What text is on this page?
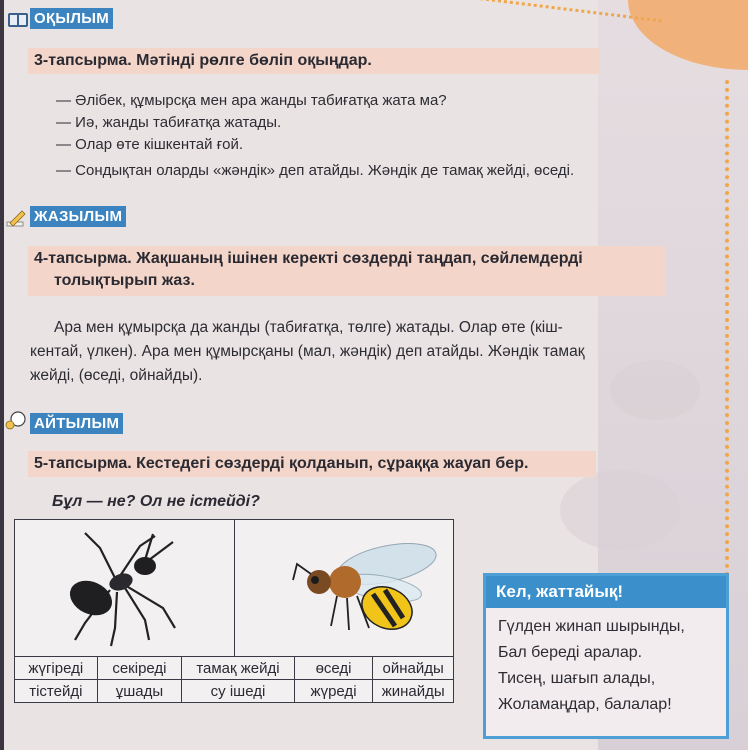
ОҚЫЛЫМ
3-тапсырма. Мәтінді рөлге бөліп оқыңдар.
— Әлібек, құмырсқа мен ара жанды табиғатқа жата ма?
— Иә, жанды табиғатқа жатады.
— Олар өте кішкентай ғой.
— Сондықтан оларды «жәндік» деп атайды. Жәндік де тамақ жейді, өседі.
ЖАЗЫЛЫМ
4-тапсырма. Жақшаның ішінен керекті сөздерді таңдап, сөйлемдерді
толықтырып жаз.
Ара мен құмырсқа да жанды (табиғатқа, төлге) жатады. Олар өте (кіш-
кентай, үлкен). Ара мен құмырсқаны (мал, жәндік) деп атайды. Жәндік тамақ
жейді, (өседі, ойнайды).
АЙТЫЛЫМ
5-тапсырма. Кестедегі сөздерді қолданып, сұраққа жауап бер.
Бұл — не? Ол не істейді?
жүгіреді	секіреді	тамақ жейді	өседі	ойнайды
тістейді	ұшады	су ішеді	жүреді	жинайды
Кел, жаттайық!
Гүлден жинап шырынды,
Бал береді аралар.
Тисең, шағып алады,
Жоламаңдар, балалар!
